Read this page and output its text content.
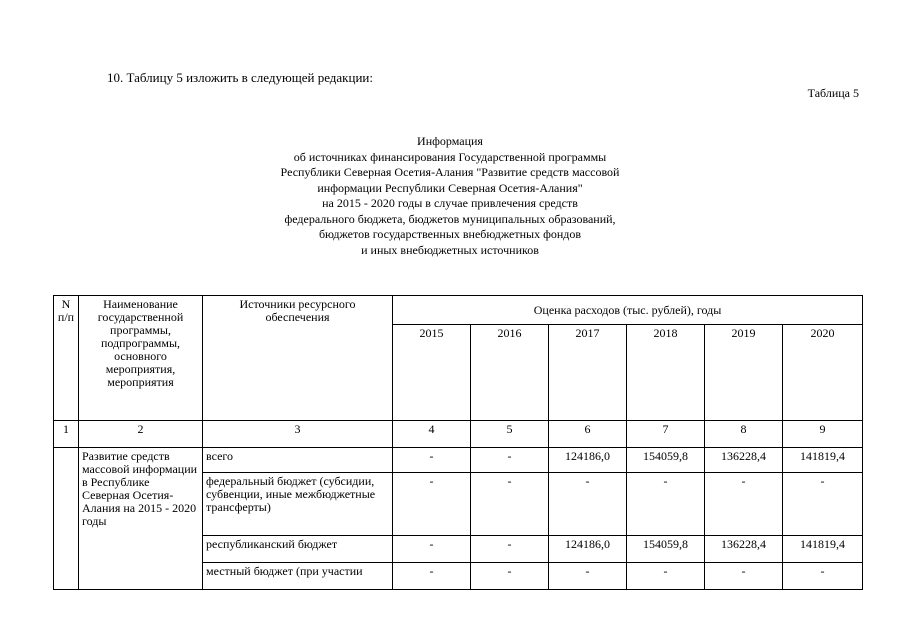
10. Таблицу 5 изложить в следующей редакции:
Таблица 5
Информация
об источниках финансирования Государственной программы
Республики Северная Осетия-Алания "Развитие средств массовой
информации Республики Северная Осетия-Алания"
на 2015 - 2020 годы в случае привлечения средств
федерального бюджета, бюджетов муниципальных образований,
бюджетов государственных внебюджетных фондов
и иных внебюджетных источников
N п/п	Наименование государственной программы, подпрограммы, основного мероприятия, мероприятия	Источники ресурсного обеспечения	Оценка расходов (тыс. рублей), годы					
			2015	2016	2017	2018	2019	2020
1	2	3	4	5	6	7	8	9
	Развитие средств массовой информации в Республике Северная Осетия-Алания на 2015 - 2020 годы	всего	-	-	124186,0	154059,8	136228,4	141819,4
		федеральный бюджет (субсидии, субвенции, иные межбюджетные трансферты)	-	-	-	-	-	-
		республиканский бюджет	-	-	124186,0	154059,8	136228,4	141819,4
		местный бюджет (при участии	-	-	-	-	-	-
